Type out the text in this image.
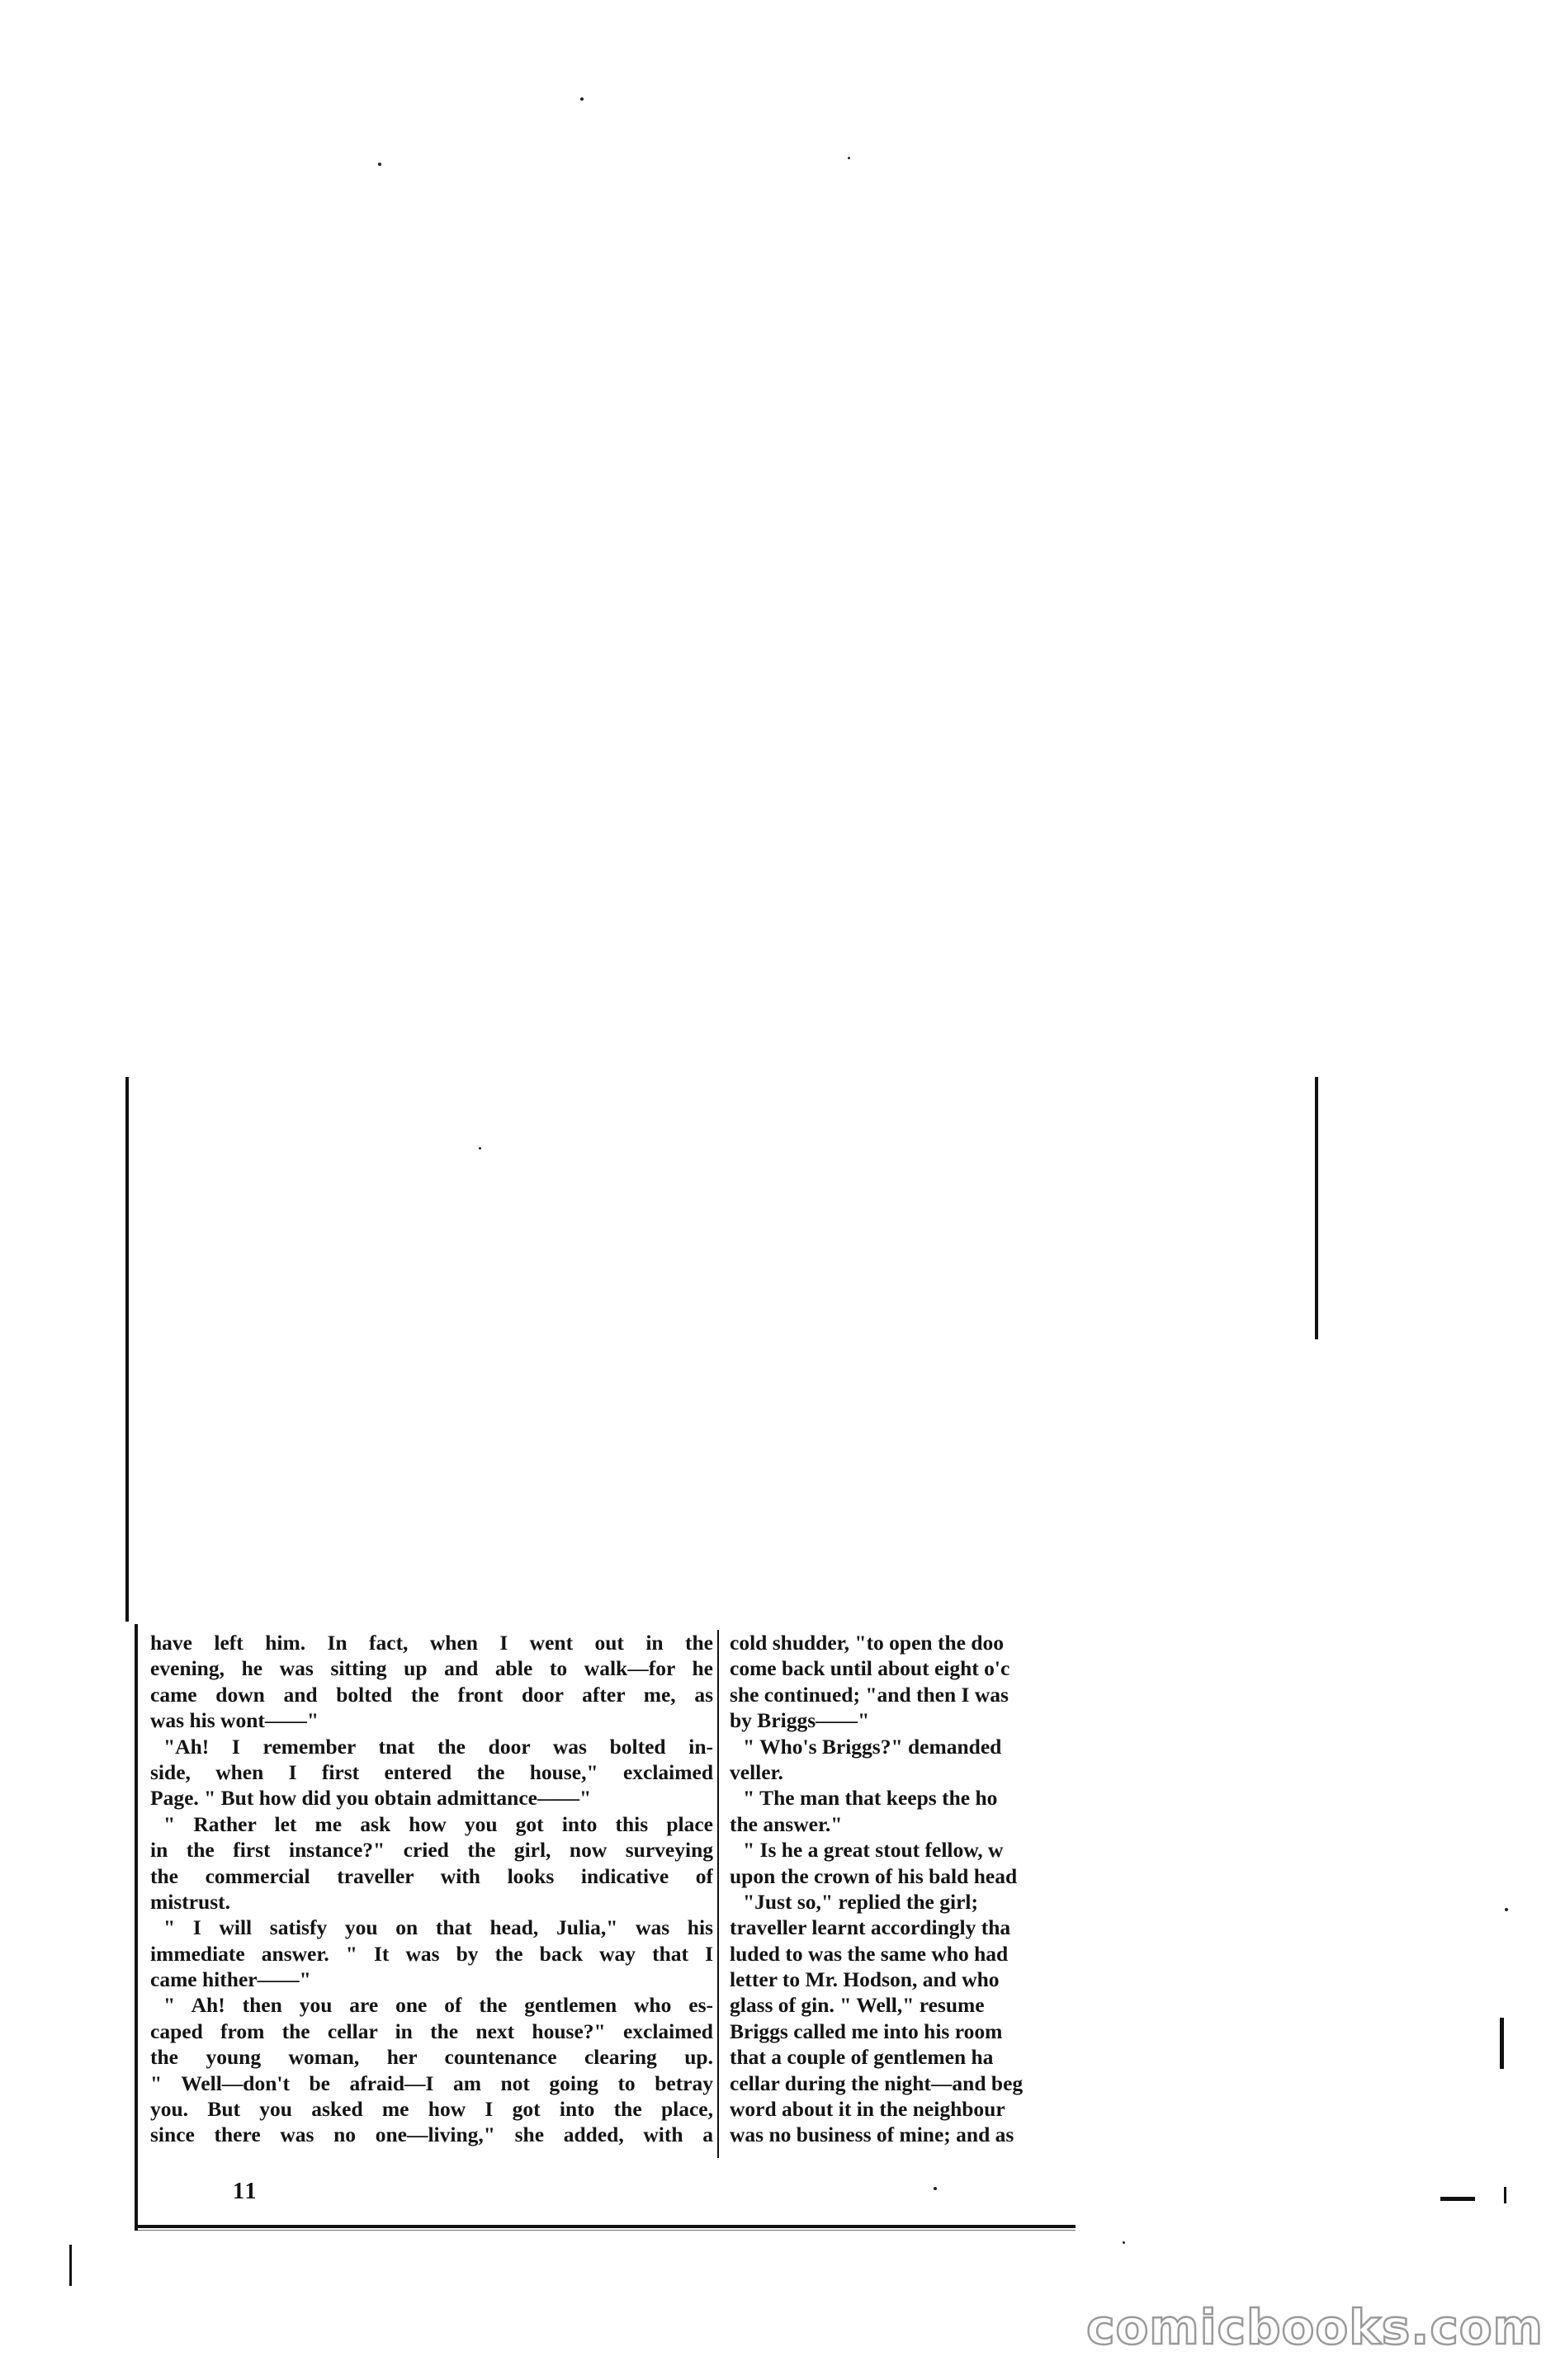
have left him. In fact, when I went out in the
evening, he was sitting up and able to walk—for he
came down and bolted the front door after me, as
was his wont——"
"Ah! I remember tnat the door was bolted in-
side, when I first entered the house," exclaimed
Page. " But how did you obtain admittance——"
" Rather let me ask how you got into this place
in the first instance?" cried the girl, now surveying
the commercial traveller with looks indicative of
mistrust.
" I will satisfy you on that head, Julia," was his
immediate answer. " It was by the back way that I
came hither——"
" Ah! then you are one of the gentlemen who es-
caped from the cellar in the next house?" exclaimed
the young woman, her countenance clearing up.
" Well—don't be afraid—I am not going to betray
you. But you asked me how I got into the place,
since there was no one—living," she added, with a
cold shudder, "to open the doo
come back until about eight o'c
she continued; "and then I was
by Briggs——"
" Who's Briggs?" demanded
veller.
" The man that keeps the ho
the answer."
" Is he a great stout fellow, w
upon the crown of his bald head
"Just so," replied the girl;
traveller learnt accordingly tha
luded to was the same who had
letter to Mr. Hodson, and who
glass of gin. " Well," resume
Briggs called me into his room
that a couple of gentlemen ha
cellar during the night—and beg
word about it in the neighbour
was no business of mine; and as
11
comicbooks.com
